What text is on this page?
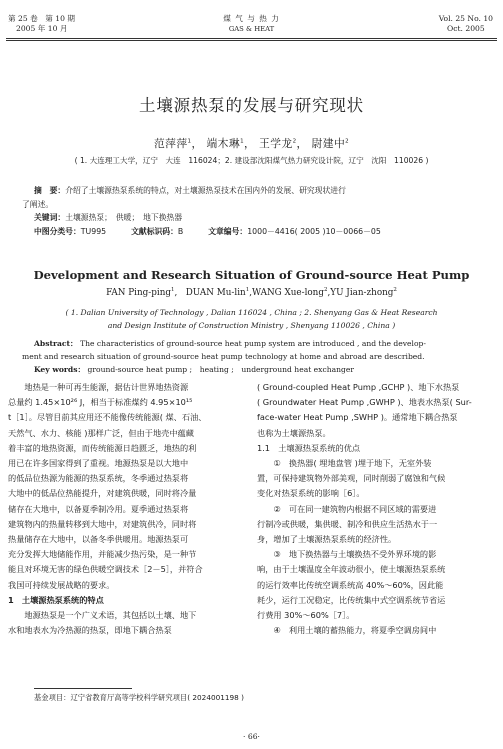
第 25 卷　第 10 期
2005 年 10 月
煤 气 与 热 力
GAS & HEAT
Vol. 25 No. 10
Oct. 2005
土壤源热泵的发展与研究现状
范萍萍$^1$， 端木琳$^1$， 王学龙$^2$， 尉建中$^2$
( 1. 大连理工大学，辽宁　大连　116024；2. 建设部沈阳煤气热力研究设计院，辽宁　沈阳　110026 )
摘　要：介绍了土壤源热泵系统的特点，对土壤源热泵技术在国内外的发展、研究现状进行
了阐述。
关键词：土壤源热泵；　供暖；　地下换热器
中图分类号：TU995	文献标识码：B	文章编号：1000－4416( 2005 )10－0066－05
Development and Research Situation of Ground-source Heat Pump
FAN Ping-ping$^1$,   DUAN Mu-lin$^1$,WANG Xue-long$^2$,YU Jian-zhong$^2$
( 1. Dalian University of Technology , Dalian 116024 , China ; 2. Shenyang Gas & Heat Research
and Design Institute of Construction Ministry , Shenyang 110026 , China )
Abstract： The characteristics of ground-source heat pump system are introduced , and the develop-
ment and research situation of ground-source heat pump technology at home and abroad are described.
Key words： ground-source heat pump ;　heating ;　underground heat exchanger

　　地热是一种可再生能源，据估计世界地热资源

总量约 1.45×10²⁶ J，相当于标准煤约 4.95×10¹⁵

t［1］。尽管目前其应用还不能像传统能源( 煤、石油、

天然气、水力、核能 )那样广泛，但由于地壳中蕴藏

着丰富的地热资源，而传统能源日趋匮乏，地热的利

用已在许多国家得到了重视。地源热泵是以大地中

的低品位热源为能源的热泵系统，冬季通过热泵将

大地中的低品位热能提升，对建筑供暖，同时将冷量

储存在大地中，以备夏季制冷用。夏季通过热泵将

建筑物内的热量转移到大地中，对建筑供冷，同时将

热量储存在大地中，以备冬季供暖用。地源热泵可

充分发挥大地储能作用，并能减少热污染，是一种节

能且对环境无害的绿色供暖空调技术［2－5］，并符合

我国可持续发展战略的要求。

1　土壤源热泵系统的特点

　　地源热泵是一个广义术语，其包括以土壤、地下

水和地表水为冷热源的热泵，即地下耦合热泵

( Ground-coupled Heat Pump ,GCHP )、地下水热泵

( Groundwater Heat Pump ,GWHP )、地表水热泵( Sur-

face-water Heat Pump ,SWHP )。通常地下耦合热泵

也称为土壤源热泵。

1.1　土壤源热泵系统的优点

　　①　换热器( 埋地盘管 )埋于地下，无室外装

置，可保持建筑物外部美观，同时削弱了腐蚀和气候

变化对热泵系统的影响［6］。

　　②　可在同一建筑物内根据不同区域的需要进

行制冷或供暖，集供暖、制冷和供应生活热水于一

身，增加了土壤源热泵系统的经济性。

　　③　地下换热器与土壤换热不受外界环境的影

响，由于土壤温度全年波动很小，使土壤源热泵系统

的运行效率比传统空调系统高 40%～60%，因此能

耗少，运行工况稳定，比传统集中式空调系统节省运

行费用 30%～60%［7］。

　　④　利用土壤的蓄热能力，将夏季空调房间中

基金项目：辽宁省教育厅高等学校科学研究项目( 2024001198 )
· 66·
